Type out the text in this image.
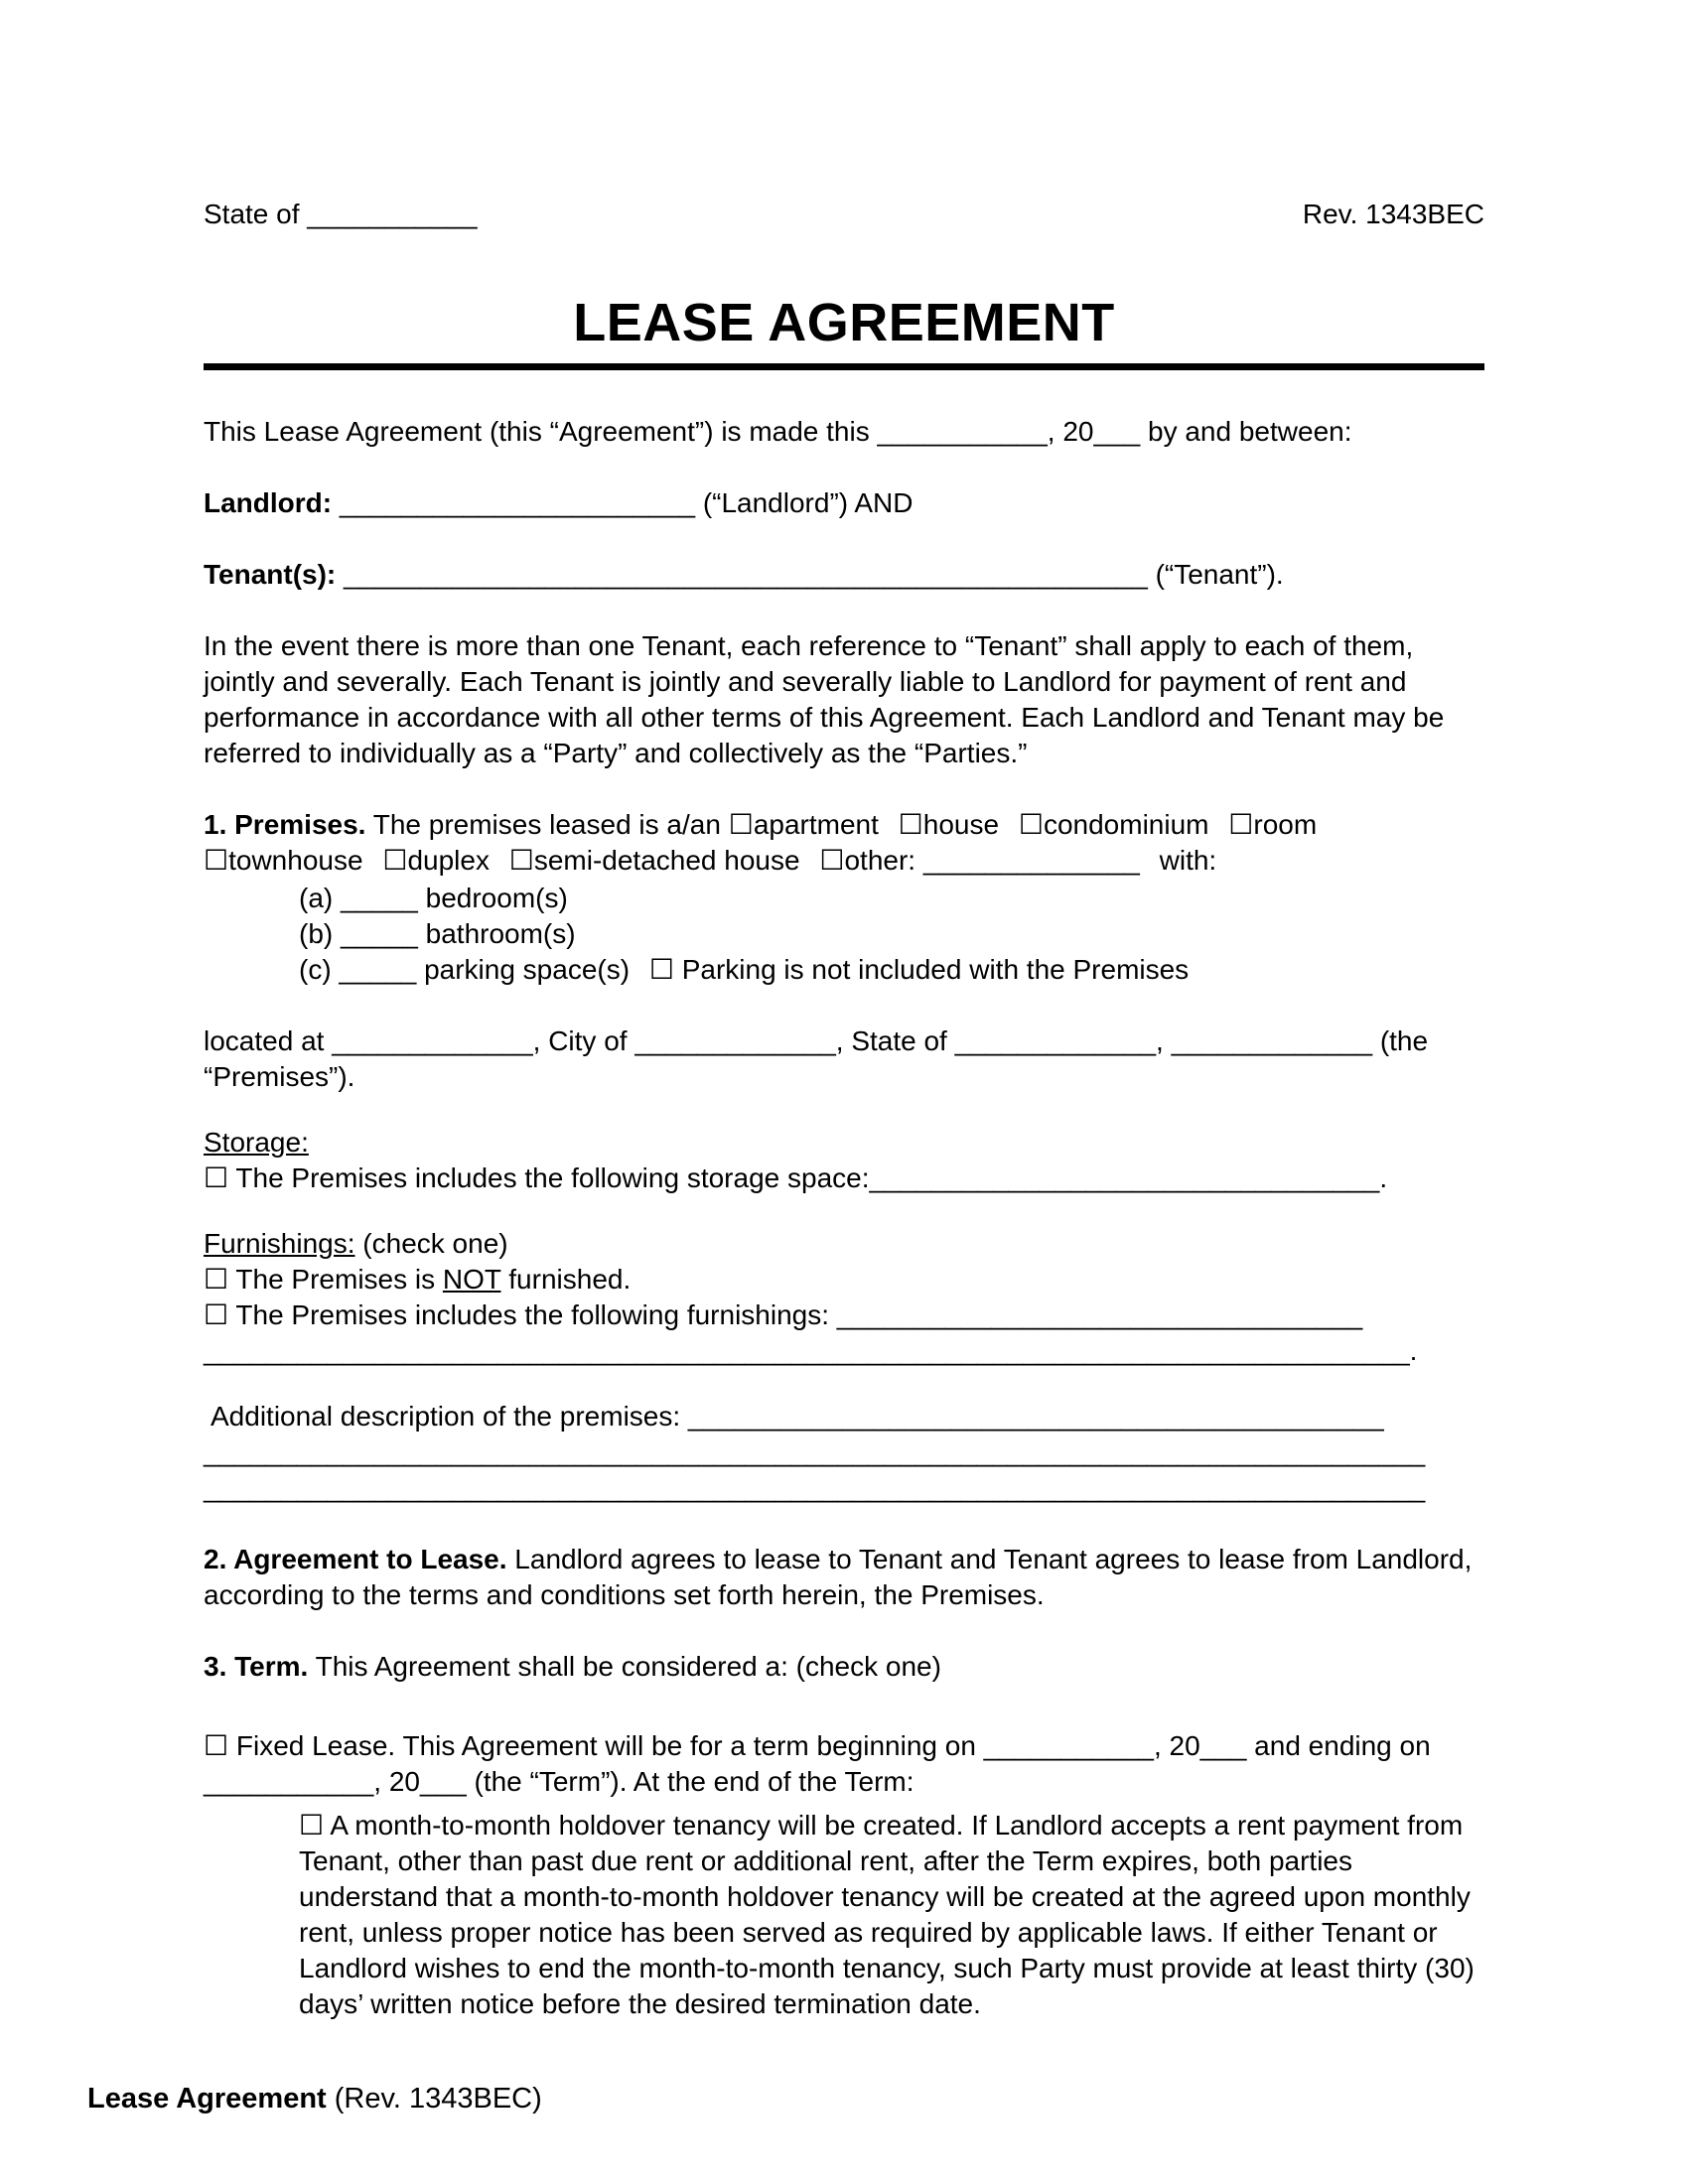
State of ___________	Rev. 1343BEC
LEASE AGREEMENT
This Lease Agreement (this “Agreement”) is made this ___________, 20___ by and between:
Landlord: _______________________ (“Landlord”) AND
Tenant(s): ____________________________________________________ (“Tenant”).
In the event there is more than one Tenant, each reference to “Tenant” shall apply to each of them, jointly and severally. Each Tenant is jointly and severally liable to Landlord for payment of rent and performance in accordance with all other terms of this Agreement. Each Landlord and Tenant may be referred to individually as a “Party” and collectively as the “Parties.”
1. Premises. The premises leased is a/an ☐apartment ☐house ☐condominium ☐room ☐townhouse ☐duplex ☐semi-detached house ☐other: ______________ with:
(a) _____ bedroom(s)
(b) _____ bathroom(s)
(c) _____ parking space(s) ☐ Parking is not included with the Premises
located at _____________, City of _____________, State of _____________, _____________ (the “Premises”).
Storage:
☐ The Premises includes the following storage space:_________________________________.
Furnishings: (check one)
☐ The Premises is NOT furnished.
☐ The Premises includes the following furnishings: __________________________________
______________________________________________________________________________.
Additional description of the premises: _____________________________________________
_______________________________________________________________________________
_______________________________________________________________________________
2. Agreement to Lease. Landlord agrees to lease to Tenant and Tenant agrees to lease from Landlord, according to the terms and conditions set forth herein, the Premises.
3. Term. This Agreement shall be considered a: (check one)
☐ Fixed Lease. This Agreement will be for a term beginning on ___________, 20___ and ending on ___________, 20___ (the “Term”). At the end of the Term:
☐ A month-to-month holdover tenancy will be created. If Landlord accepts a rent payment from Tenant, other than past due rent or additional rent, after the Term expires, both parties understand that a month-to-month holdover tenancy will be created at the agreed upon monthly rent, unless proper notice has been served as required by applicable laws. If either Tenant or Landlord wishes to end the month-to-month tenancy, such Party must provide at least thirty (30) days’ written notice before the desired termination date.
Lease Agreement (Rev. 1343BEC)
